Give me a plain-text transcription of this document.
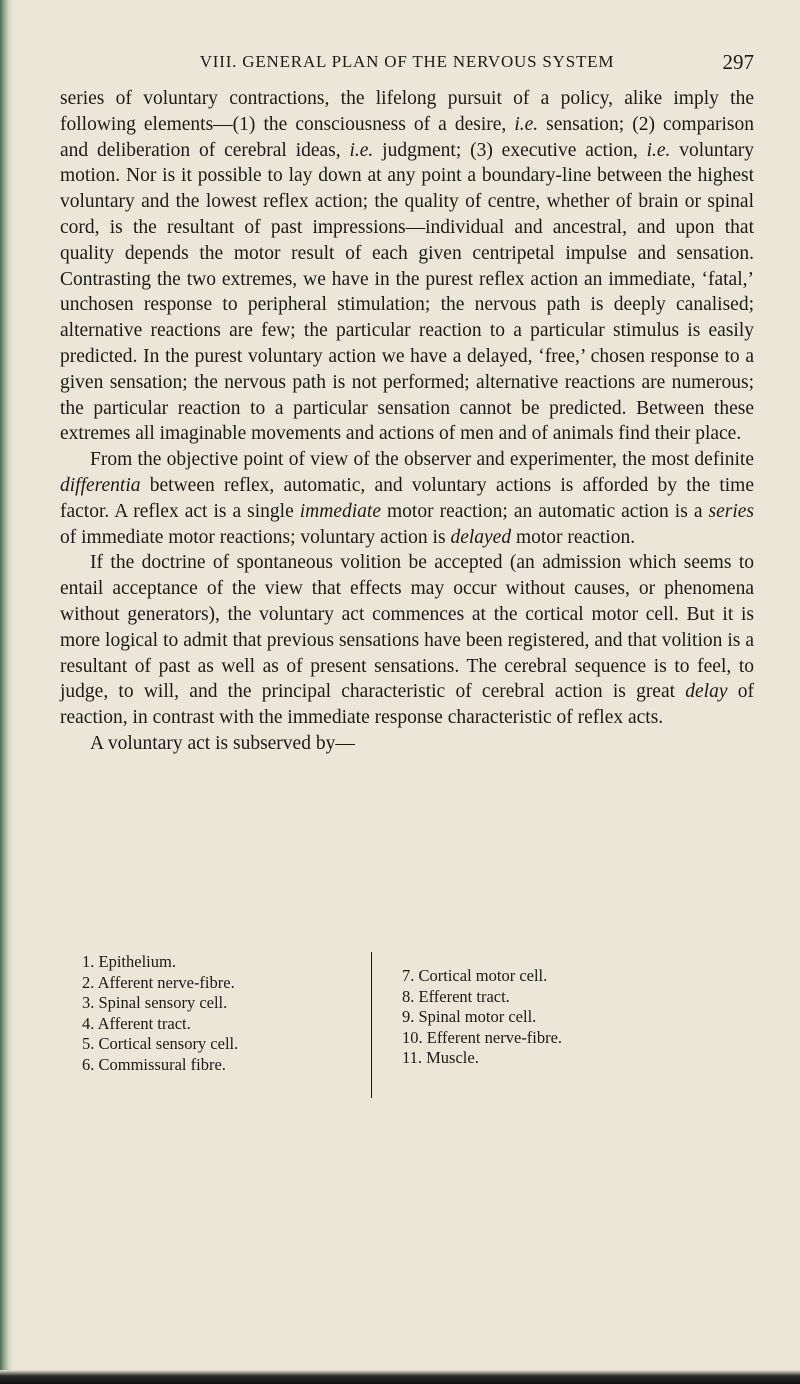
VIII. GENERAL PLAN OF THE NERVOUS SYSTEM	297

series of voluntary contractions, the lifelong pursuit of a policy, alike imply the following elements—(1) the consciousness of a desire, i.e. sensation; (2) comparison and deliberation of cerebral ideas, i.e. judgment; (3) executive action, i.e. voluntary motion. Nor is it possible to lay down at any point a boundary-line between the highest voluntary and the lowest reflex action; the quality of centre, whether of brain or spinal cord, is the resultant of past impressions—individual and ancestral, and upon that quality depends the motor result of each given centripetal impulse and sensation. Contrasting the two extremes, we have in the purest reflex action an immediate, ‘fatal,’ unchosen response to peripheral stimulation; the nervous path is deeply canalised; alternative reactions are few; the particular reaction to a particular stimulus is easily predicted. In the purest voluntary action we have a delayed, ‘free,’ chosen response to a given sensation; the nervous path is not performed; alternative reactions are numerous; the particular reaction to a particular sensation cannot be predicted. Between these extremes all imaginable movements and actions of men and of animals find their place.

From the objective point of view of the observer and experimenter, the most definite differentia between reflex, automatic, and voluntary actions is afforded by the time factor. A reflex act is a single immediate motor reaction; an automatic action is a series of immediate motor reactions; voluntary action is delayed motor reaction.

If the doctrine of spontaneous volition be accepted (an admission which seems to entail acceptance of the view that effects may occur without causes, or phenomena without generators), the voluntary act commences at the cortical motor cell. But it is more logical to admit that previous sensations have been registered, and that volition is a resultant of past as well as of present sensations. The cerebral sequence is to feel, to judge, to will, and the principal characteristic of cerebral action is great delay of reaction, in contrast with the immediate response characteristic of reflex acts.

A voluntary act is subserved by—

1. Epithelium.
2. Afferent nerve-fibre.
3. Spinal sensory cell.
4. Afferent tract.
5. Cortical sensory cell.
6. Commissural fibre.
7. Cortical motor cell.
8. Efferent tract.
9. Spinal motor cell.
10. Efferent nerve-fibre.
11. Muscle.
